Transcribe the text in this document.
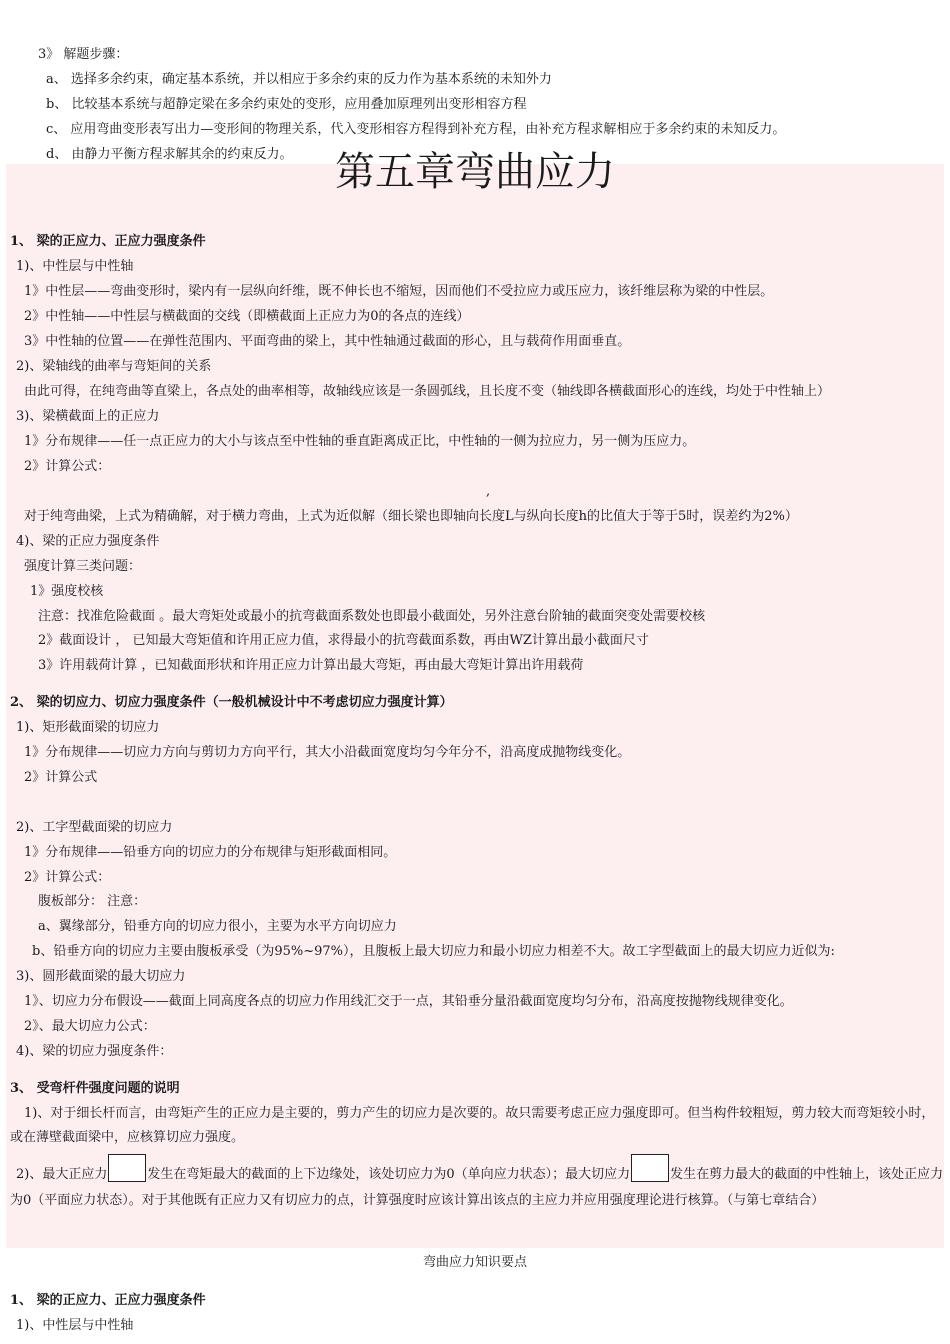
3》 解题步骤：
a、 选择多余约束，确定基本系统，并以相应于多余约束的反力作为基本系统的未知外力
b、 比较基本系统与超静定梁在多余约束处的变形，应用叠加原理列出变形相容方程
c、 应用弯曲变形表写出力—变形间的物理关系，代入变形相容方程得到补充方程，由补充方程求解相应于多余约束的未知反力。
d、 由静力平衡方程求解其余的约束反力。	第五章弯曲应力
1、 梁的正应力、正应力强度条件
1)、中性层与中性轴
1》中性层——弯曲变形时，梁内有一层纵向纤维，既不伸长也不缩短，因而他们不受拉应力或压应力，该纤维层称为梁的中性层。
2》中性轴——中性层与横截面的交线（即横截面上正应力为0的各点的连线）
3》中性轴的位置——在弹性范围内、平面弯曲的梁上，其中性轴通过截面的形心，且与载荷作用面垂直。
2)、梁轴线的曲率与弯矩间的关系
由此可得，在纯弯曲等直梁上，各点处的曲率相等，故轴线应该是一条圆弧线，且长度不变（轴线即各横截面形心的连线，均处于中性轴上）
3)、梁横截面上的正应力
1》分布规律——任一点正应力的大小与该点至中性轴的垂直距离成正比，中性轴的一侧为拉应力，另一侧为压应力。
2》计算公式：
,
对于纯弯曲梁，上式为精确解，对于横力弯曲，上式为近似解（细长梁也即轴向长度L与纵向长度h的比值大于等于5时，误差约为2%）
4)、梁的正应力强度条件
强度计算三类问题：
1》强度校核
注意：找准危险截面 。最大弯矩处或最小的抗弯截面系数处也即最小截面处，另外注意台阶轴的截面突变处需要校核
2》截面设计 ， 已知最大弯矩值和许用正应力值，求得最小的抗弯截面系数，再由WZ计算出最小截面尺寸
3》许用载荷计算 ，已知截面形状和许用正应力计算出最大弯矩，再由最大弯矩计算出许用载荷
2、 梁的切应力、切应力强度条件（一般机械设计中不考虑切应力强度计算）
1)、矩形截面梁的切应力
1》分布规律——切应力方向与剪切力方向平行，其大小沿截面宽度均匀今年分不，沿高度成抛物线变化。
2》计算公式
2)、工字型截面梁的切应力
1》分布规律——铅垂方向的切应力的分布规律与矩形截面相同。
2》计算公式：
腹板部分： 注意：
a、翼缘部分，铅垂方向的切应力很小，主要为水平方向切应力
b、铅垂方向的切应力主要由腹板承受（为95%~97%），且腹板上最大切应力和最小切应力相差不大。故工字型截面上的最大切应力近似为:
3)、圆形截面梁的最大切应力
1》、切应力分布假设——截面上同高度各点的切应力作用线汇交于一点，其铅垂分量沿截面宽度均匀分布，沿高度按抛物线规律变化。
2》、最大切应力公式：
4)、梁的切应力强度条件：
3、 受弯杆件强度问题的说明
1)、对于细长杆而言，由弯矩产生的正应力是主要的，剪力产生的切应力是次要的。故只需要考虑正应力强度即可。但当构件较粗短，剪力较大而弯矩较小时，或在薄壁截面梁中，应核算切应力强度。
2)、最大正应力	发生在弯矩最大的截面的上下边缘处，该处切应力为0（单向应力状态）；最大切应力	发生在剪力最大的截面的中性轴上，该处正应力为0（平面应力状态）。对于其他既有正应力又有切应力的点，计算强度时应该计算出该点的主应力并应用强度理论进行核算。（与第七章结合）
弯曲应力知识要点
1、 梁的正应力、正应力强度条件
1)、中性层与中性轴
